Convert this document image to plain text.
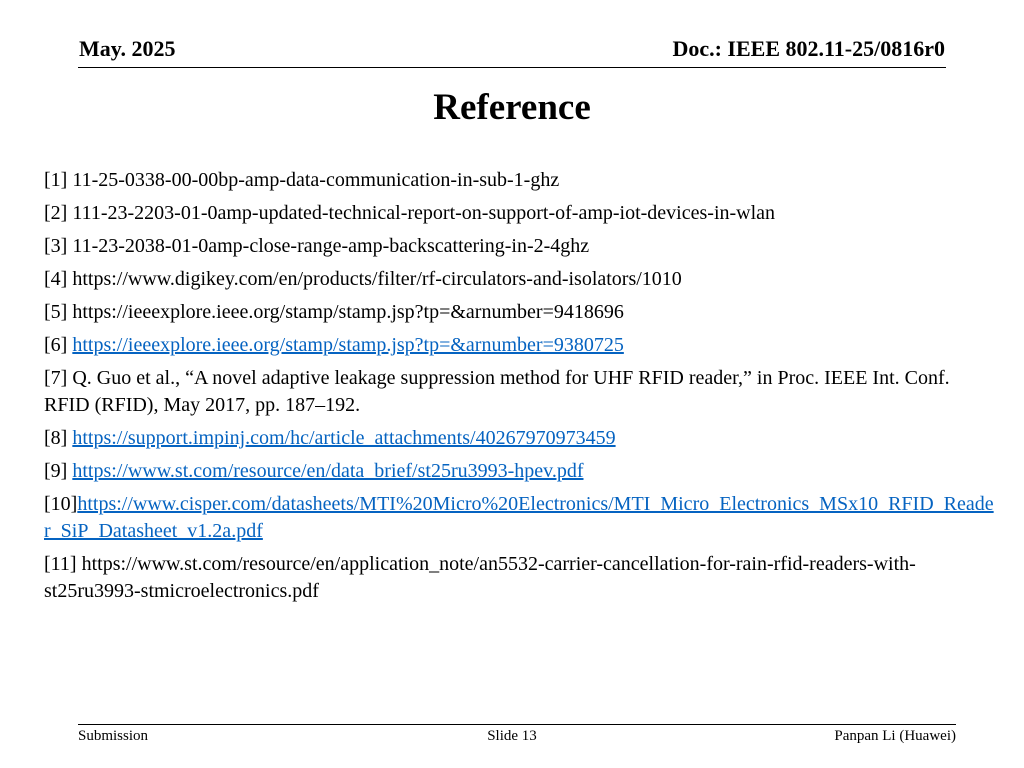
May. 2025	Doc.: IEEE 802.11-25/0816r0
Reference
[1] 11-25-0338-00-00bp-amp-data-communication-in-sub-1-ghz
[2] 111-23-2203-01-0amp-updated-technical-report-on-support-of-amp-iot-devices-in-wlan
[3] 11-23-2038-01-0amp-close-range-amp-backscattering-in-2-4ghz
[4] https://www.digikey.com/en/products/filter/rf-circulators-and-isolators/1010
[5] https://ieeexplore.ieee.org/stamp/stamp.jsp?tp=&arnumber=9418696
[6] https://ieeexplore.ieee.org/stamp/stamp.jsp?tp=&arnumber=9380725
[7] Q. Guo et al., “A novel adaptive leakage suppression method for UHF RFID reader,” in Proc. IEEE Int. Conf. RFID (RFID), May 2017, pp. 187–192.
[8] https://support.impinj.com/hc/article_attachments/40267970973459
[9] https://www.st.com/resource/en/data_brief/st25ru3993-hpev.pdf
[10]https://www.cisper.com/datasheets/MTI%20Micro%20Electronics/MTI_Micro_Electronics_MSx10_RFID_Reader_SiP_Datasheet_v1.2a.pdf
[11] https://www.st.com/resource/en/application_note/an5532-carrier-cancellation-for-rain-rfid-readers-with-st25ru3993-stmicroelectronics.pdf
Submission	Slide 13	Panpan Li (Huawei)
